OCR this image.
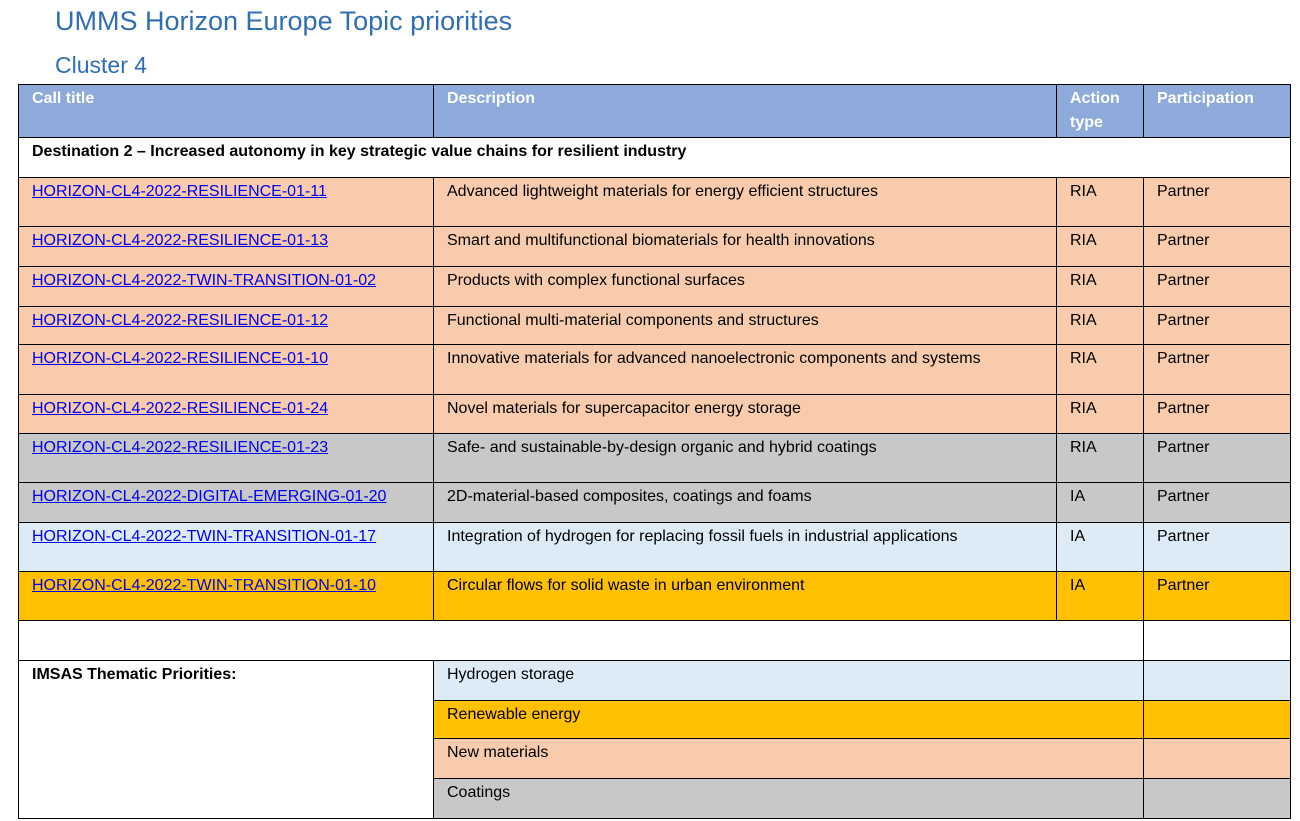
UMMS Horizon Europe Topic priorities
Cluster 4
Call title	Description	Action type	Participation
Destination 2 – Increased autonomy in key strategic value chains for resilient industry			
HORIZON-CL4-2022-RESILIENCE-01-11	Advanced lightweight materials for energy efficient structures	RIA	Partner
HORIZON-CL4-2022-RESILIENCE-01-13	Smart and multifunctional biomaterials for health innovations	RIA	Partner
HORIZON-CL4-2022-TWIN-TRANSITION-01-02	Products with complex functional surfaces	RIA	Partner
HORIZON-CL4-2022-RESILIENCE-01-12	Functional multi-material components and structures	RIA	Partner
HORIZON-CL4-2022-RESILIENCE-01-10	Innovative materials for advanced nanoelectronic components and systems	RIA	Partner
HORIZON-CL4-2022-RESILIENCE-01-24	Novel materials for supercapacitor energy storage	RIA	Partner
HORIZON-CL4-2022-RESILIENCE-01-23	Safe- and sustainable-by-design organic and hybrid coatings	RIA	Partner
HORIZON-CL4-2022-DIGITAL-EMERGING-01-20	2D-material-based composites, coatings and foams	IA	Partner
HORIZON-CL4-2022-TWIN-TRANSITION-01-17	Integration of hydrogen for replacing fossil fuels in industrial applications	IA	Partner
HORIZON-CL4-2022-TWIN-TRANSITION-01-10	Circular flows for solid waste in urban environment	IA	Partner

IMSAS Thematic Priorities:	Hydrogen storage		
	Renewable energy		
	New materials		
	Coatings		
